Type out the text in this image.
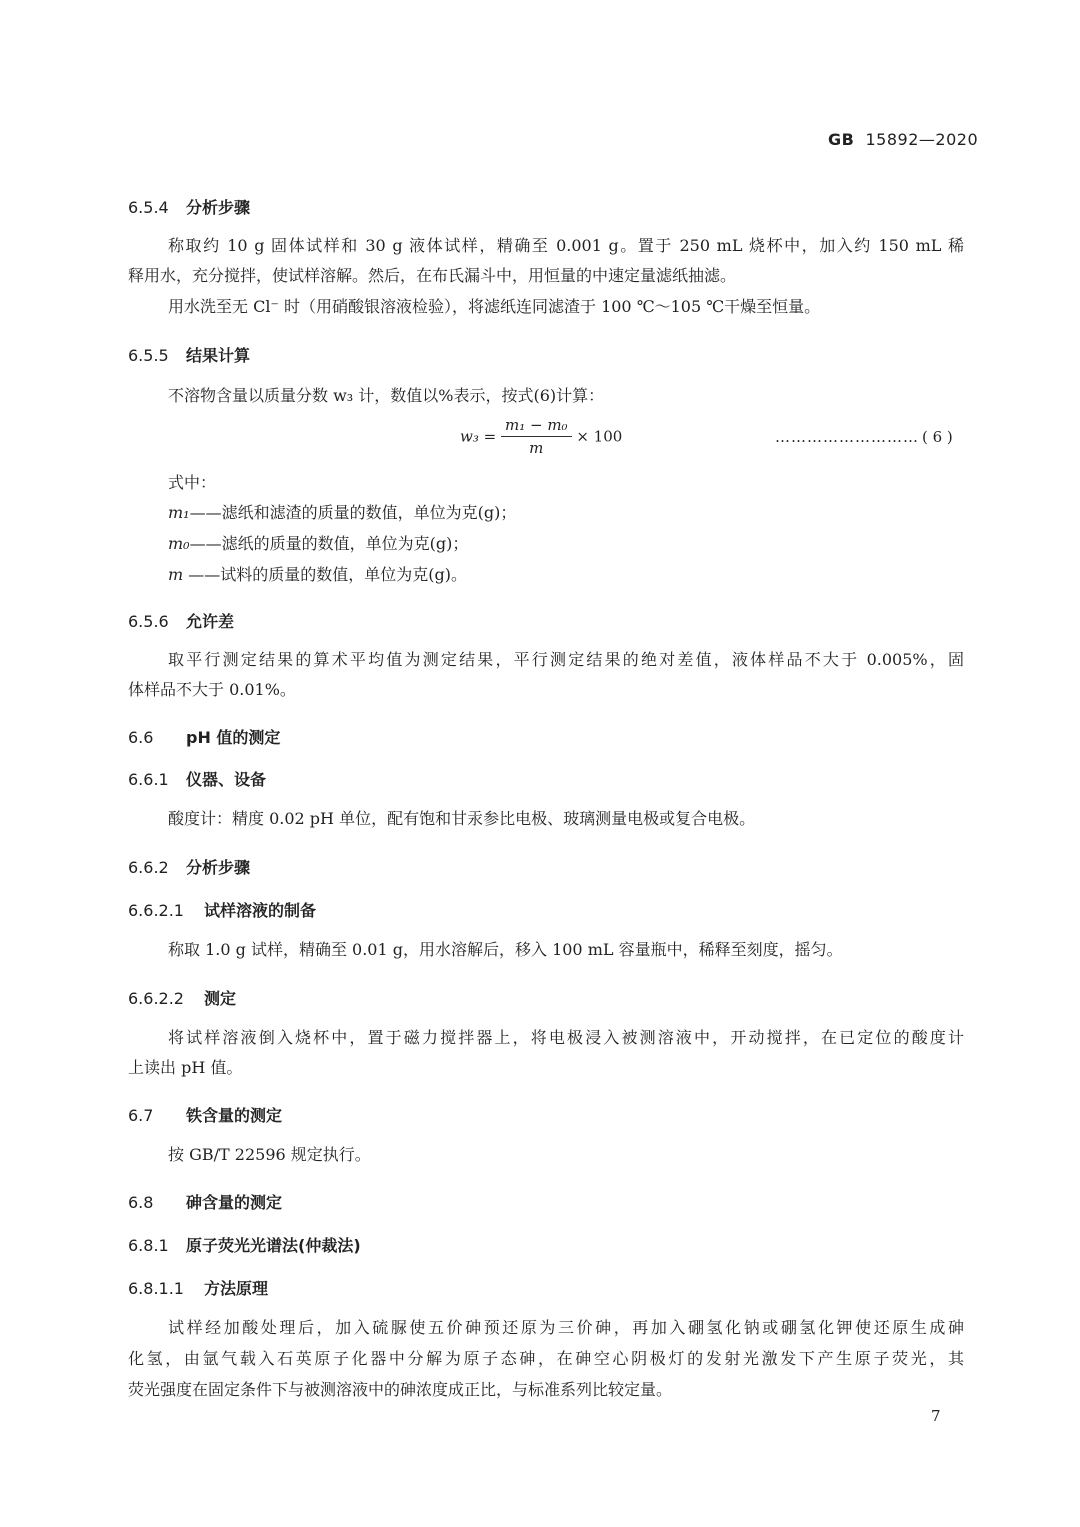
GB 15892—2020
6.5.4 分析步骤
称取约 10 g 固体试样和 30 g 液体试样，精确至 0.001 g。置于 250 mL 烧杯中，加入约 150 mL 稀
释用水，充分搅拌，使试样溶解。然后，在布氏漏斗中，用恒量的中速定量滤纸抽滤。
用水洗至无 Cl⁻ 时（用硝酸银溶液检验），将滤纸连同滤渣于 100 ℃～105 ℃干燥至恒量。
6.5.5 结果计算
不溶物含量以质量分数 w₃ 计，数值以%表示，按式(6)计算：
$w_3 = \frac{\text{m₁ − m₀}}{m} \times 100$	……………………… ( 6 )
式中：
m₁——滤纸和滤渣的质量的数值，单位为克(g)；
m₀——滤纸的质量的数值，单位为克(g)；
m ——试料的质量的数值，单位为克(g)。
6.5.6 允许差
取平行测定结果的算术平均值为测定结果，平行测定结果的绝对差值，液体样品不大于 0.005%，固
体样品不大于 0.01%。
6.6 pH 值的测定
6.6.1 仪器、设备
酸度计：精度 0.02 pH 单位，配有饱和甘汞参比电极、玻璃测量电极或复合电极。
6.6.2 分析步骤
6.6.2.1 试样溶液的制备
称取 1.0 g 试样，精确至 0.01 g，用水溶解后，移入 100 mL 容量瓶中，稀释至刻度，摇匀。
6.6.2.2 测定
将试样溶液倒入烧杯中，置于磁力搅拌器上，将电极浸入被测溶液中，开动搅拌，在已定位的酸度计
上读出 pH 值。
6.7 铁含量的测定
按 GB/T 22596 规定执行。
6.8 砷含量的测定
6.8.1 原子荧光光谱法(仲裁法)
6.8.1.1 方法原理
试样经加酸处理后，加入硫脲使五价砷预还原为三价砷，再加入硼氢化钠或硼氢化钾使还原生成砷
化氢，由氩气载入石英原子化器中分解为原子态砷，在砷空心阴极灯的发射光激发下产生原子荧光，其
荧光强度在固定条件下与被测溶液中的砷浓度成正比，与标准系列比较定量。
7
